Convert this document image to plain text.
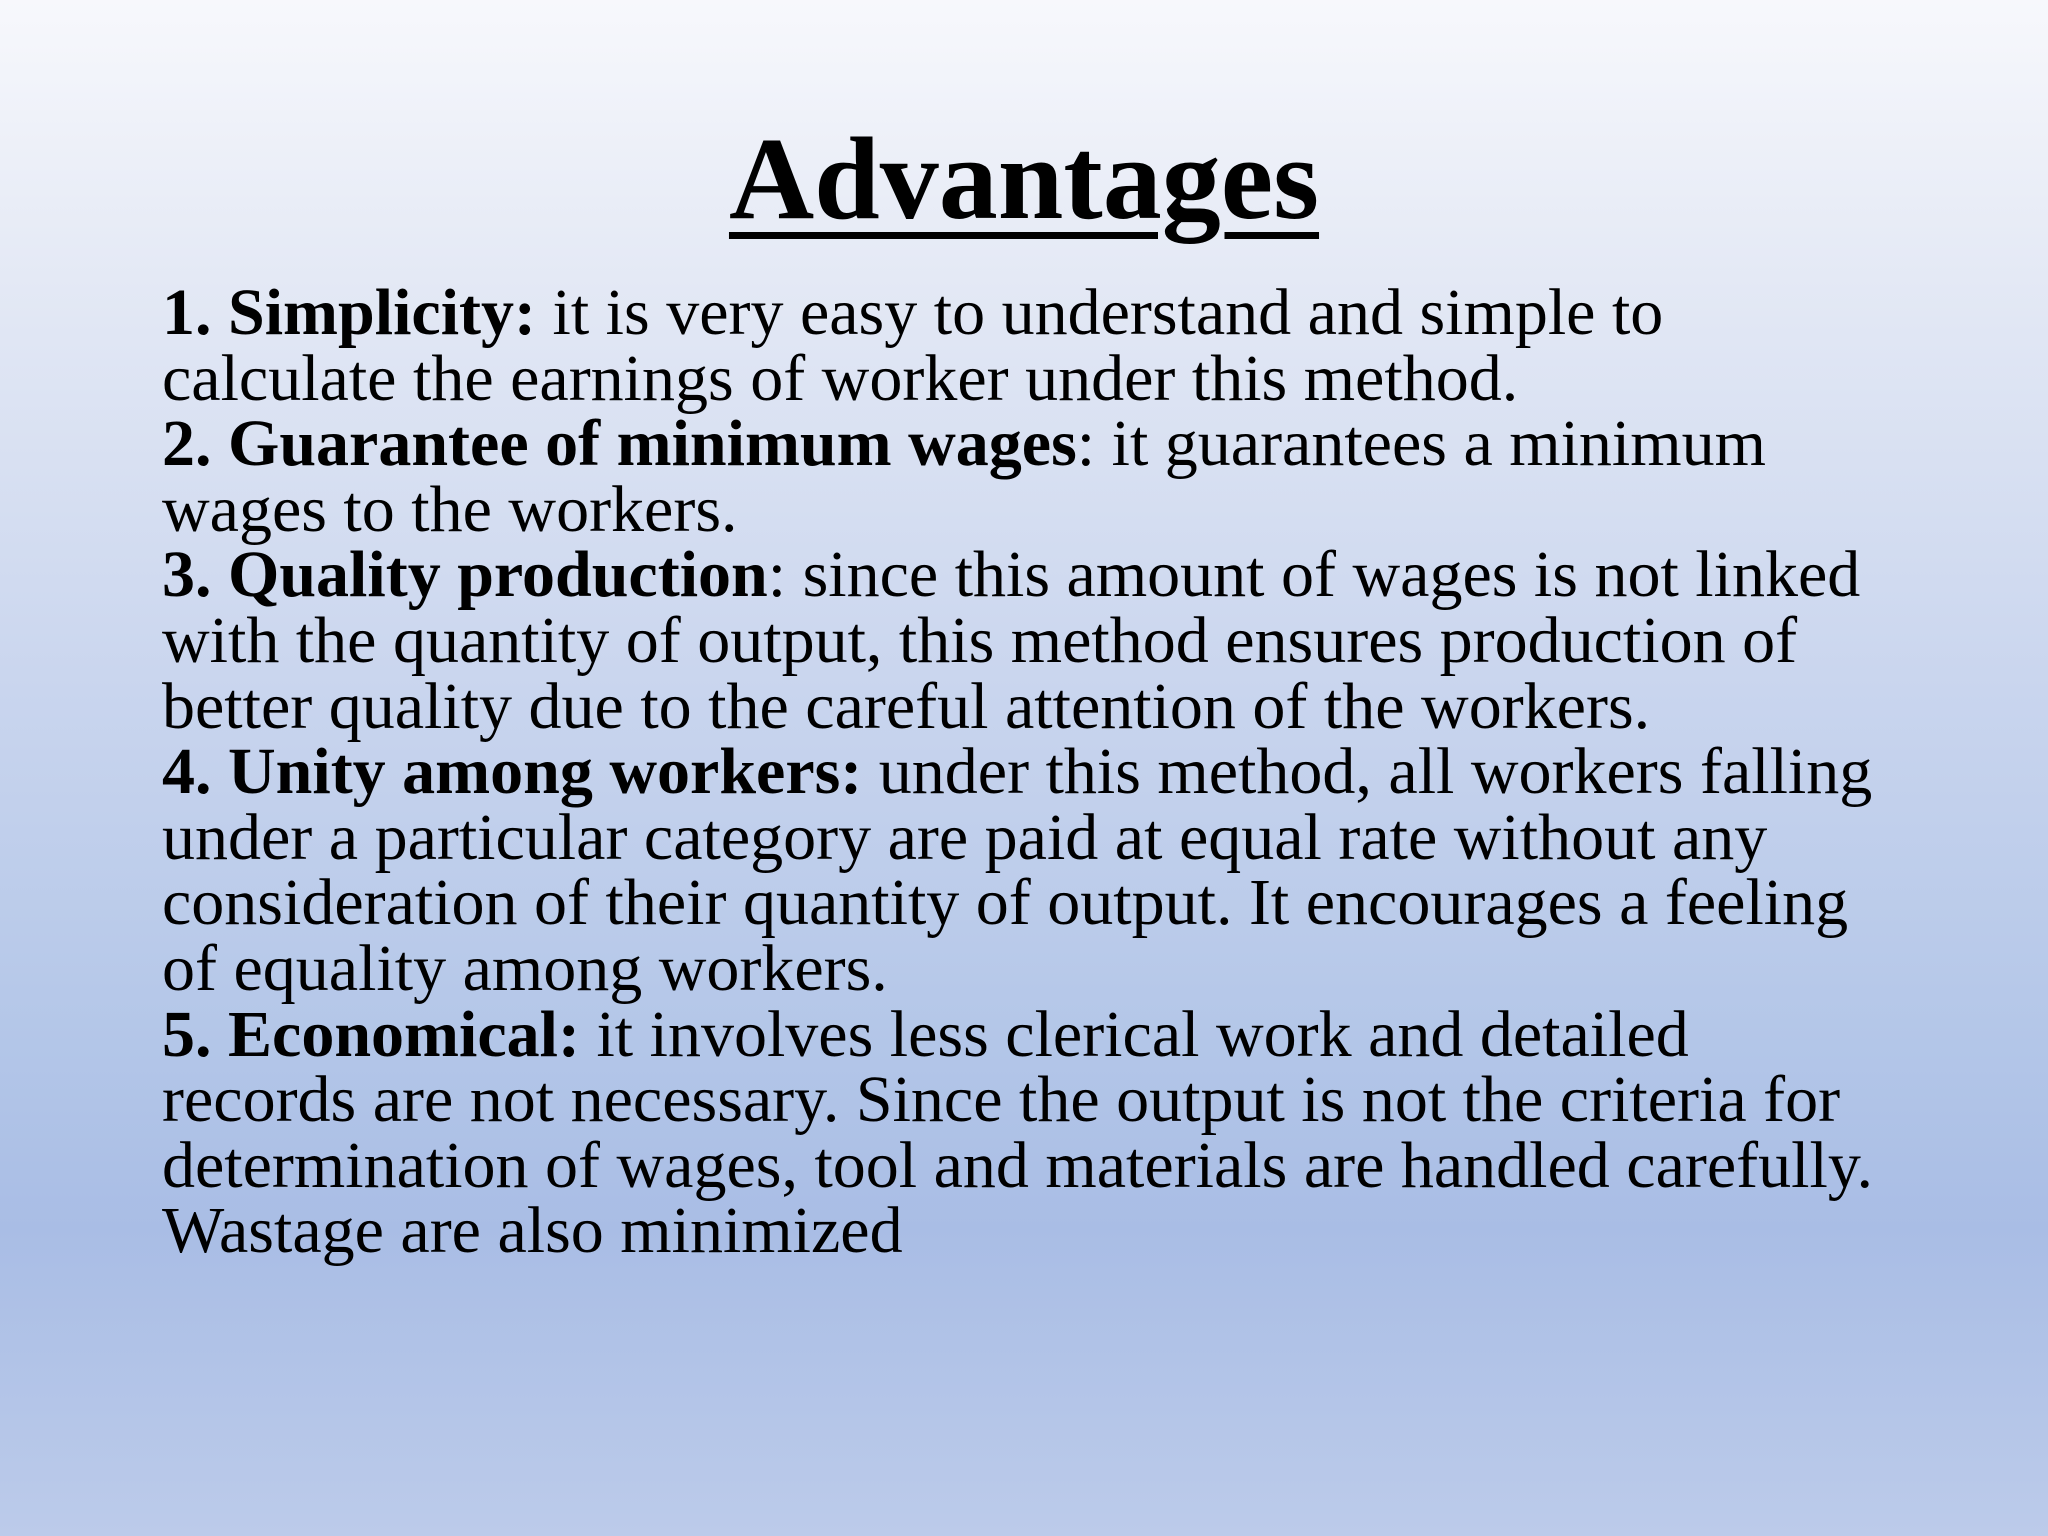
Advantages

1. Simplicity: it is very easy to understand and simple to calculate the earnings of worker under this method.

2. Guarantee of minimum wages: it guarantees a minimum wages to the workers.

3. Quality production: since this amount of wages is not linked with the quantity of output, this method ensures production of better quality due to the careful attention of the workers.

4. Unity among workers: under this method, all workers falling under a particular category are paid at equal rate without any consideration of their quantity of output. It encourages a feeling of equality among workers.

5. Economical: it involves less clerical work and detailed records are not necessary. Since the output is not the criteria for determination of wages, tool and materials are handled carefully. Wastage are also minimized
